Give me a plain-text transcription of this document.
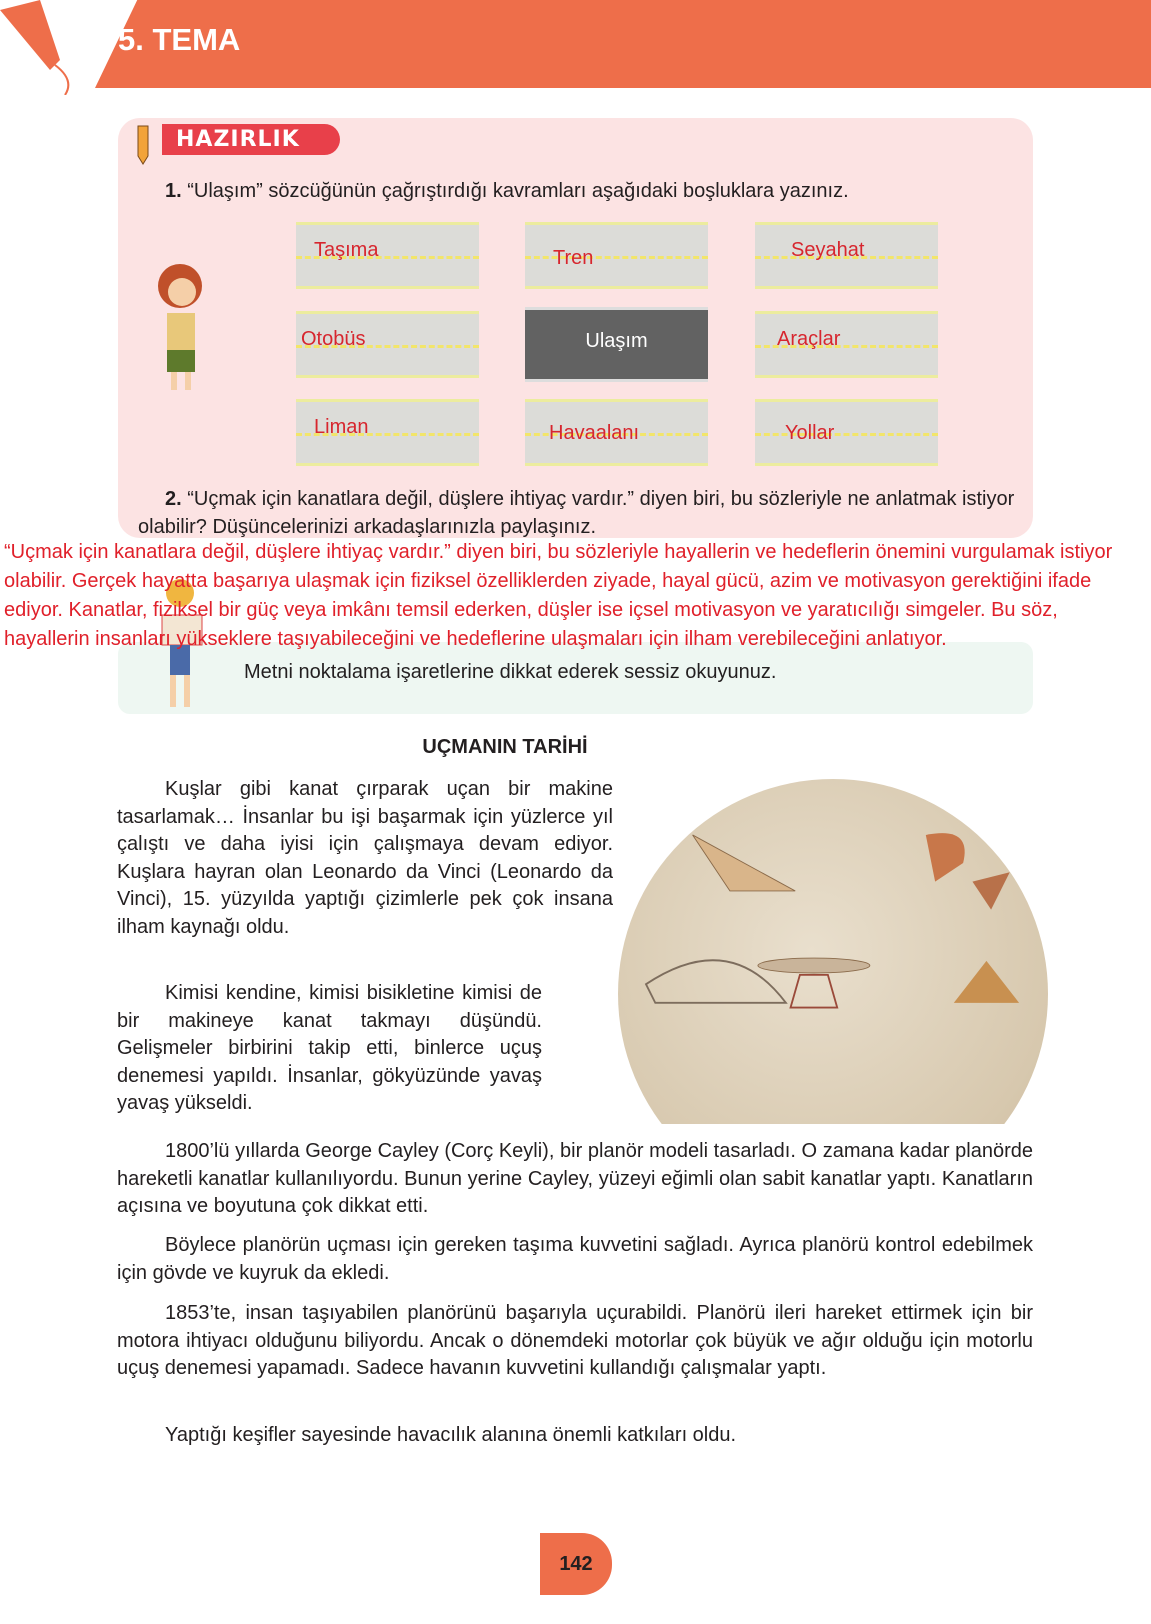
5. TEMA
HAZIRLIK
1. “Ulaşım” sözcüğünün çağrıştırdığı kavramları aşağıdaki boşluklara yazınız.
Taşıma	Tren	Seyahat
Otobüs	Ulaşım	Araçlar
Liman	Havaalanı	Yollar
2. “Uçmak için kanatlara değil, düşlere ihtiyaç vardır.” diyen biri, bu sözleriyle ne anlatmak istiyor olabilir? Düşüncelerinizi arkadaşlarınızla paylaşınız.
Metni noktalama işaretlerine dikkat ederek sessiz okuyunuz.
“Uçmak için kanatlara değil, düşlere ihtiyaç vardır.” diyen biri, bu sözleriyle hayallerin ve hedeflerin önemini vurgulamak istiyor olabilir. Gerçek hayatta başarıya ulaşmak için fiziksel özelliklerden ziyade, hayal gücü, azim ve motivasyon gerektiğini ifade ediyor. Kanatlar, fiziksel bir güç veya imkânı temsil ederken, düşler ise içsel motivasyon ve yaratıcılığı simgeler. Bu söz, hayallerin insanları yükseklere taşıyabileceğini ve hedeflerine ulaşmaları için ilham verebileceğini anlatıyor.
UÇMANIN TARİHİ
Kuşlar gibi kanat çırparak uçan bir makine tasarlamak… İnsanlar bu işi başarmak için yüzlerce yıl çalıştı ve daha iyisi için çalışmaya devam ediyor. Kuşlara hayran olan Leonardo da Vinci (Leonardo da Vinci), 15. yüzyılda yaptığı çizimlerle pek çok insana ilham kaynağı oldu.
Kimisi kendine, kimisi bisikletine kimisi de bir makineye kanat takmayı düşündü. Gelişmeler birbirini takip etti, binlerce uçuş denemesi yapıldı. İnsanlar, gökyüzünde yavaş yavaş yükseldi.
1800’lü yıllarda George Cayley (Corç Keyli), bir planör modeli tasarladı. O zamana kadar planörde hareketli kanatlar kullanılıyordu. Bunun yerine Cayley, yüzeyi eğimli olan sabit kanatlar yaptı. Kanatların açısına ve boyutuna çok dikkat etti.
Böylece planörün uçması için gereken taşıma kuvvetini sağladı. Ayrıca planörü kontrol edebilmek için gövde ve kuyruk da ekledi.
1853’te, insan taşıyabilen planörünü başarıyla uçurabildi. Planörü ileri hareket ettirmek için bir motora ihtiyacı olduğunu biliyordu. Ancak o dönemdeki motorlar çok büyük ve ağır olduğu için motorlu uçuş denemesi yapamadı. Sadece havanın kuvvetini kullandığı çalışmalar yaptı.
Yaptığı keşifler sayesinde havacılık alanına önemli katkıları oldu.
142
